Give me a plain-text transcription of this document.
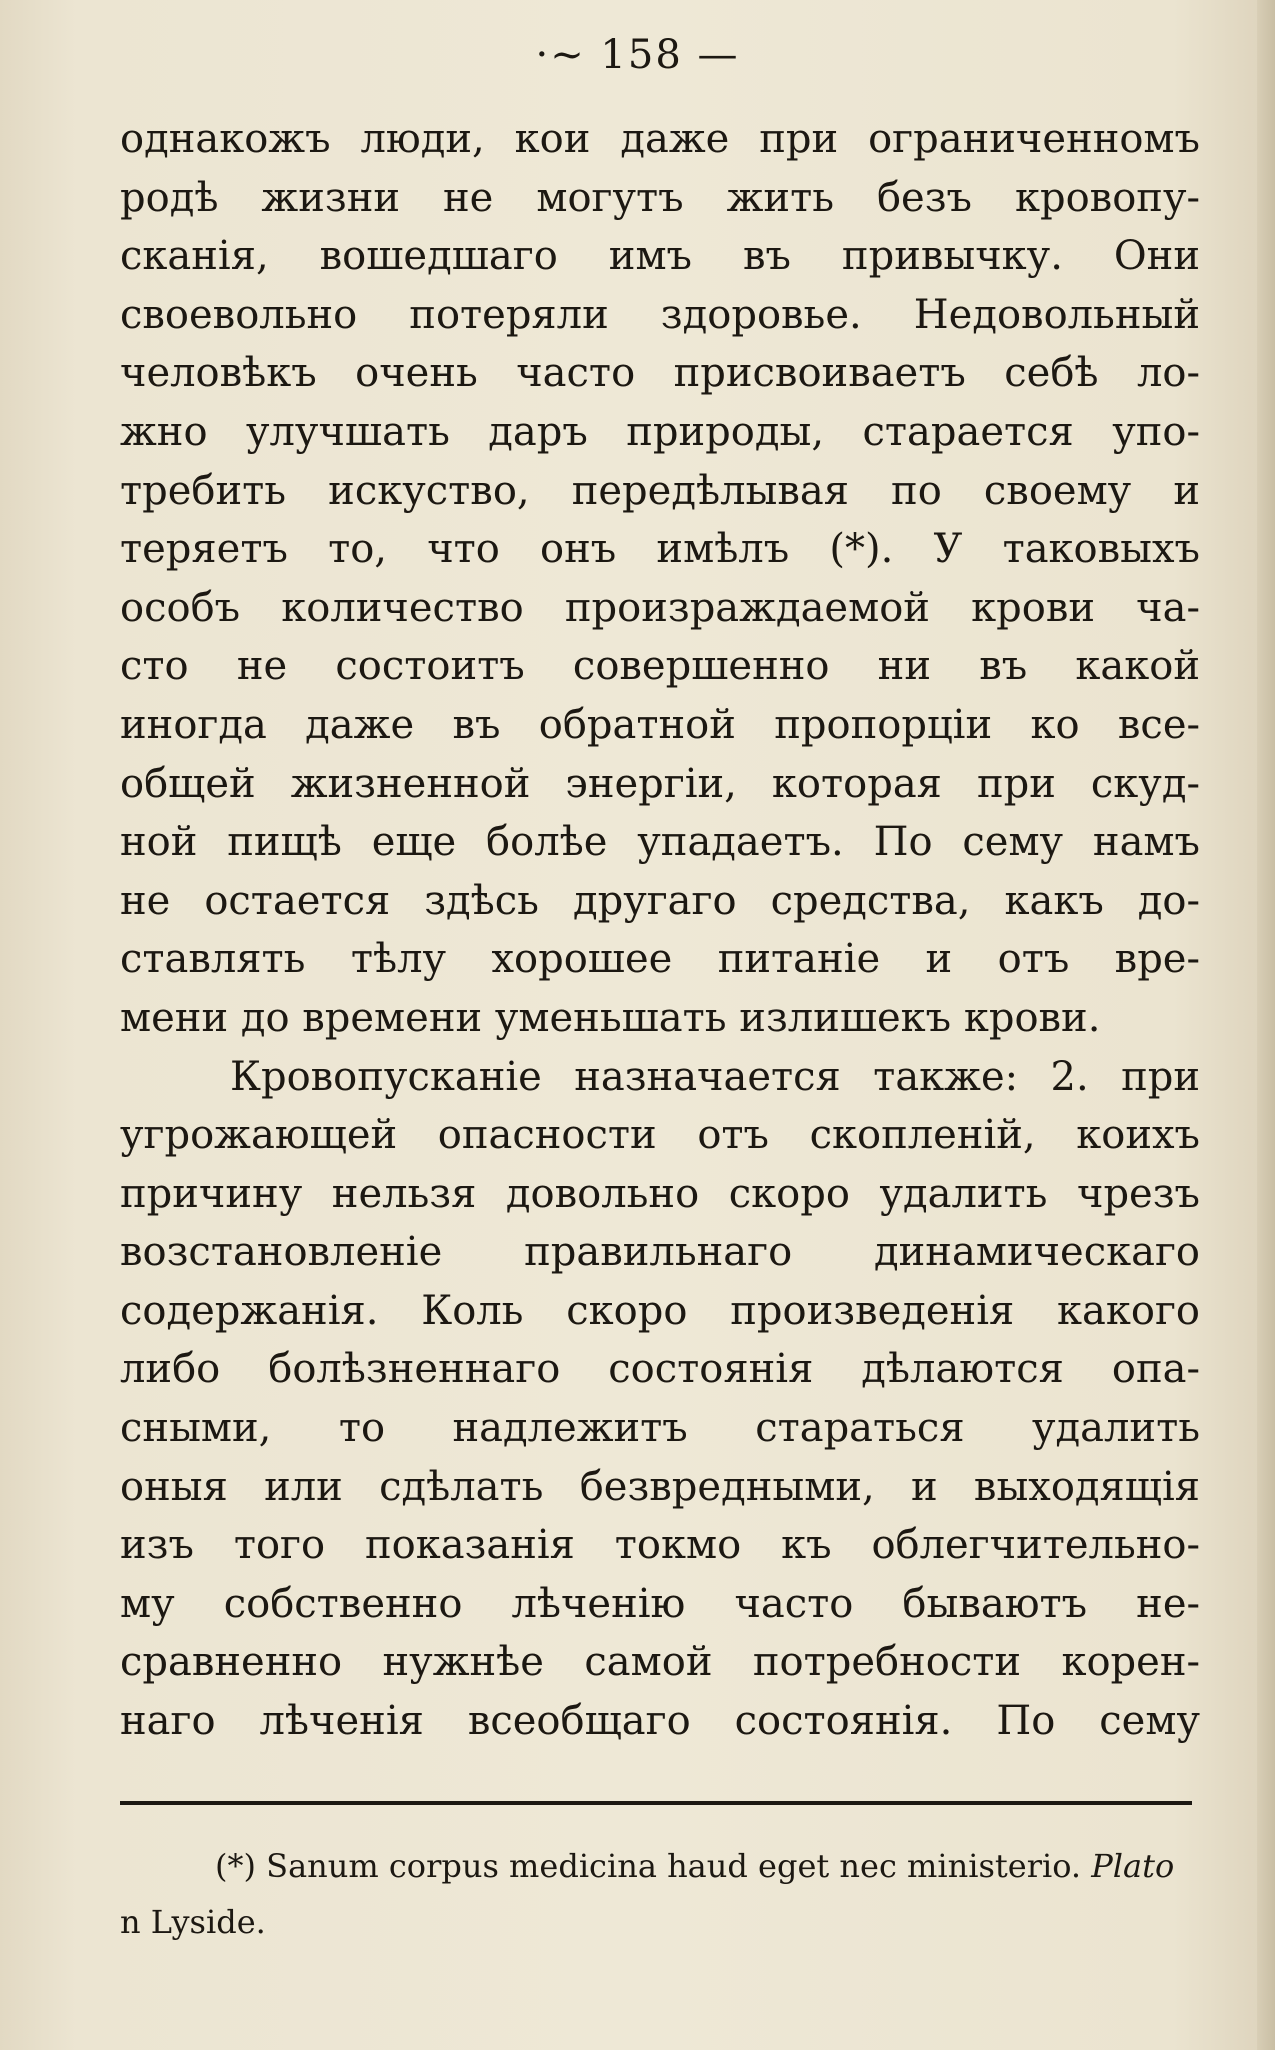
·~ 158 —
однакожъ люди, кои даже при ограниченномъ
родѣ жизни не могутъ жить безъ кровопу-
сканія, вошедшаго имъ въ привычку. Они
своевольно потеряли здоровье. Недовольный
человѣкъ очень часто присвоиваетъ себѣ ло-
жно улучшать даръ природы, старается упо-
требить искуство, передѣлывая по своему и
теряетъ то, что онъ имѣлъ (*). У таковыхъ
особъ количество произраждаемой крови ча-
сто не состоитъ совершенно ни въ какой
иногда даже въ обратной пропорціи ко все-
общей жизненной энергіи, которая при скуд-
ной пищѣ еще болѣе упадаетъ. По сему намъ
не остается здѣсь другаго средства, какъ до-
ставлять тѣлу хорошее питаніе и отъ вре-
мени до времени уменьшать излишекъ крови.
Кровопусканіе назначается также: 2. при
угрожающей опасности отъ скопленій, коихъ
причину нельзя довольно скоро удалить чрезъ
возстановленіе правильнаго динамическаго
содержанія. Коль скоро произведенія какого
либо болѣзненнаго состоянія дѣлаются опа-
сными, то надлежитъ стараться удалить
оныя или сдѣлать безвредными, и выходящія
изъ того показанія токмо къ облегчительно-
му собственно лѣченію часто бываютъ не-
сравненно нужнѣе самой потребности корен-
наго лѣченія всеобщаго состоянія. По сему
(*) Sanum corpus medicina haud eget nec ministerio. Plato
n Lysidе.
